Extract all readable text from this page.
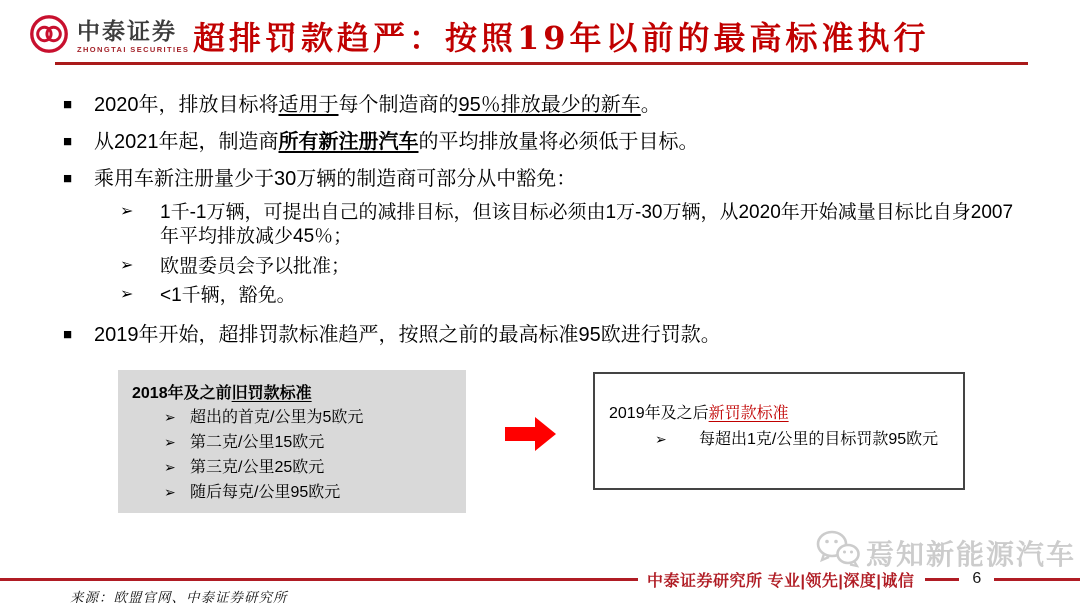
中泰证券
ZHONGTAI SECURITIES 超排罚款趋严：按照19年以前的最高标准执行
■	2020年，排放目标将适用于每个制造商的95％排放最少的新车。
■	从2021年起，制造商所有新注册汽车的平均排放量将必须低于目标。
■	乘用车新注册量少于30万辆的制造商可部分从中豁免：
➢	1千-1万辆，可提出自己的减排目标，但该目标必须由1万-30万辆，从2020年开始减量目标比自身2007年平均排放减少45％；
➢	欧盟委员会予以批准；
➢	<1千辆，豁免。
■	2019年开始，超排罚款标准趋严，按照之前的最高标准95欧进行罚款。
2018年及之前旧罚款标准
➢ 超出的首克/公里为5欧元
➢ 第二克/公里15欧元
➢ 第三克/公里25欧元
➢ 随后每克/公里95欧元
2019年及之后新罚款标准
➢	每超出1克/公里的目标罚款95欧元
焉知新能源汽车
中泰证券研究所 专业|领先|深度|诚信	6
来源：欧盟官网、中泰证券研究所
